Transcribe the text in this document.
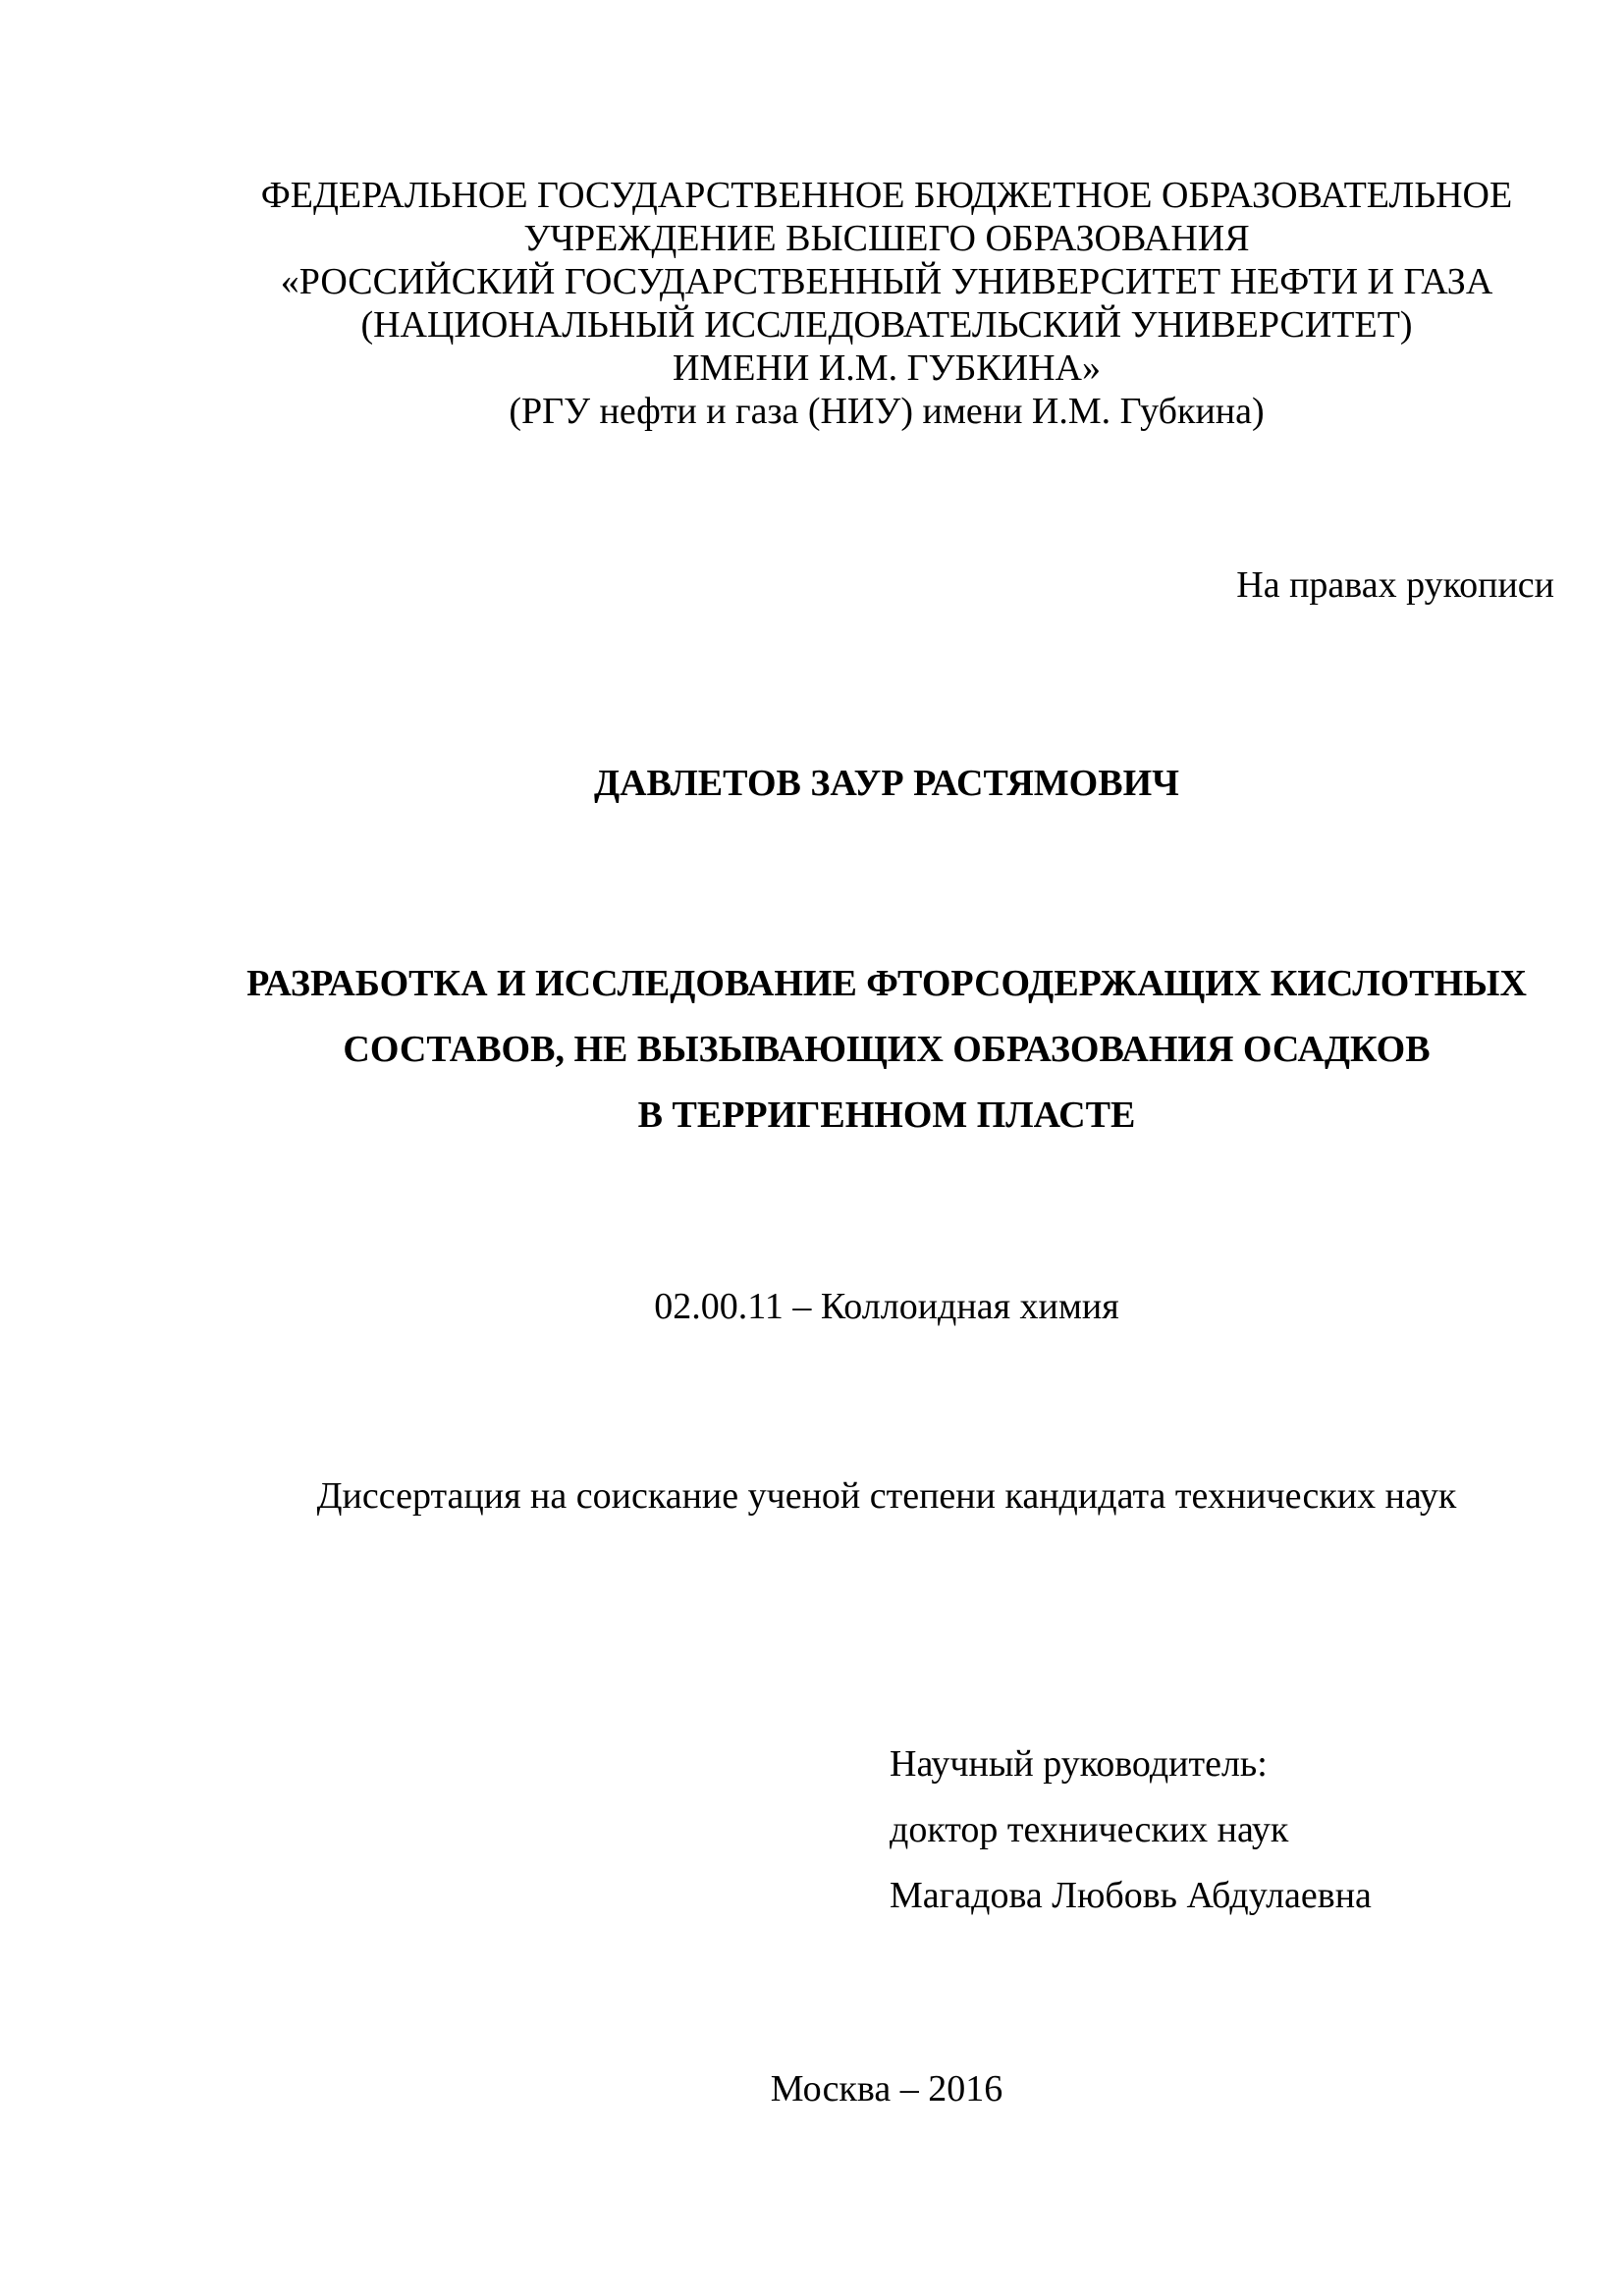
ФЕДЕРАЛЬНОЕ ГОСУДАРСТВЕННОЕ БЮДЖЕТНОЕ ОБРАЗОВАТЕЛЬНОЕ
УЧРЕЖДЕНИЕ ВЫСШЕГО ОБРАЗОВАНИЯ
«РОССИЙСКИЙ ГОСУДАРСТВЕННЫЙ УНИВЕРСИТЕТ НЕФТИ И ГАЗА
(НАЦИОНАЛЬНЫЙ ИССЛЕДОВАТЕЛЬСКИЙ УНИВЕРСИТЕТ)
ИМЕНИ И.М. ГУБКИНА»
(РГУ нефти и газа (НИУ) имени И.М. Губкина)
На правах рукописи
ДАВЛЕТОВ ЗАУР РАСТЯМОВИЧ
РАЗРАБОТКА И ИССЛЕДОВАНИЕ ФТОРСОДЕРЖАЩИХ КИСЛОТНЫХ
СОСТАВОВ, НЕ ВЫЗЫВАЮЩИХ ОБРАЗОВАНИЯ ОСАДКОВ
В ТЕРРИГЕННОМ ПЛАСТЕ
02.00.11 – Коллоидная химия
Диссертация на соискание ученой степени кандидата технических наук
Научный руководитель:
доктор технических наук
Магадова Любовь Абдулаевна
Москва – 2016
